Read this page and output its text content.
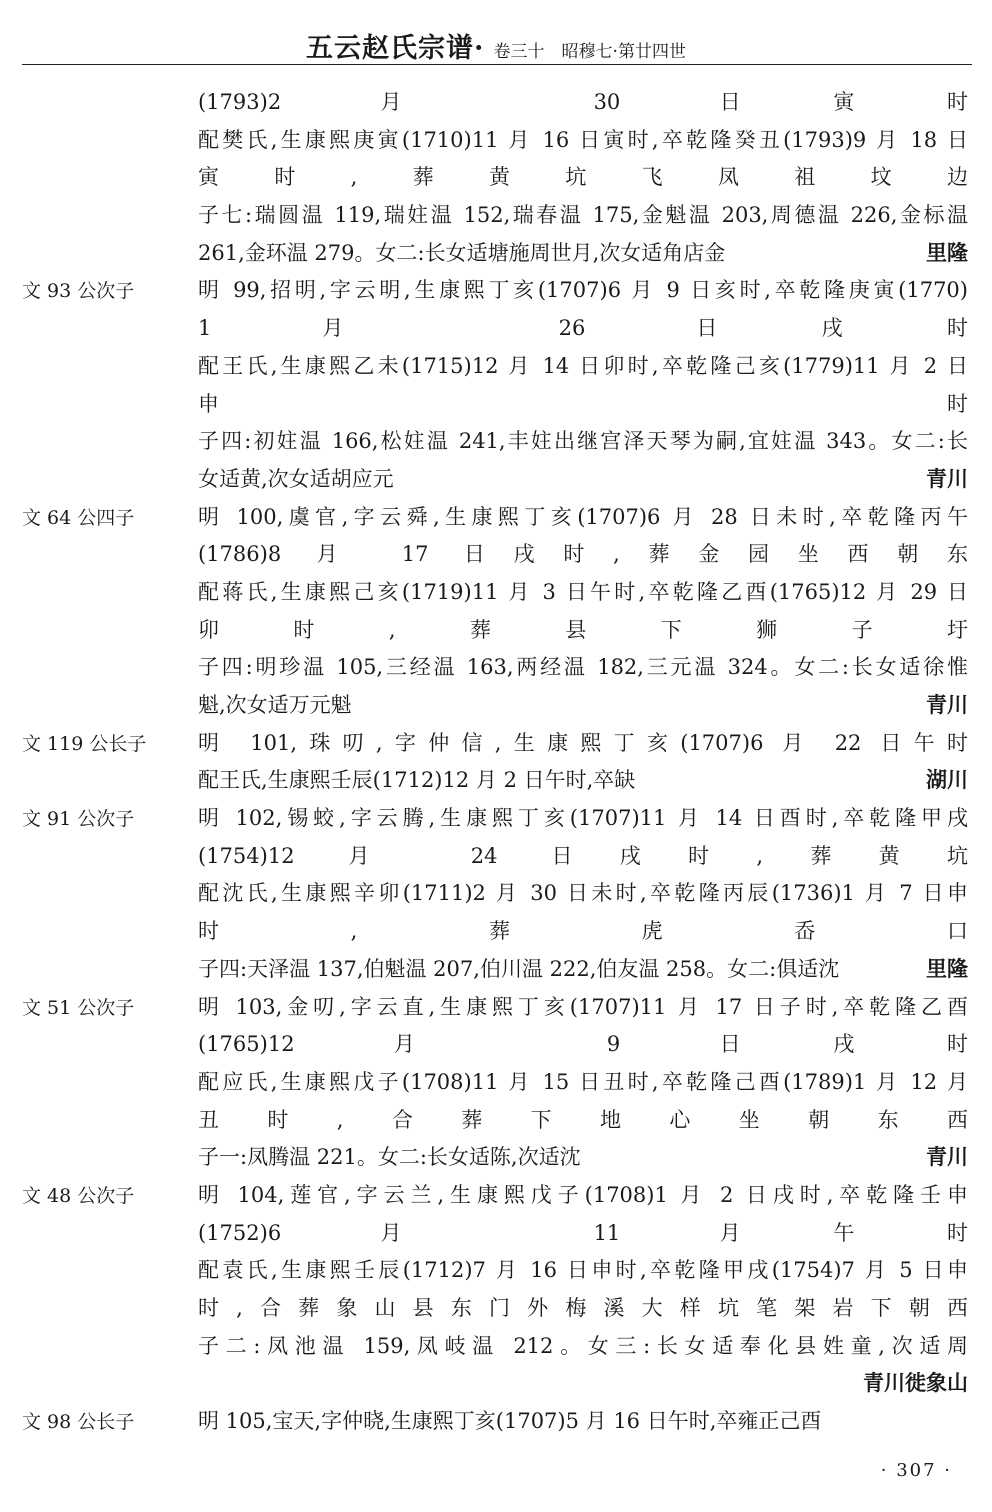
五云赵氏宗谱· 卷三十　昭穆七·第廿四世
(1793)2 月 30 日寅时
配樊氏,生康熙庚寅(1710)11 月 16 日寅时,卒乾隆癸丑(1793)9 月 18 日
寅时,葬黄坑飞凤祖坟边
子七:瑞圆温 119,瑞妵温 152,瑞春温 175,金魁温 203,周德温 226,金标温
261,金环温 279。女二:长女适塘施周世月,次女适角店金	里隆
文 93 公次子	明 99,招明,字云明,生康熙丁亥(1707)6 月 9 日亥时,卒乾隆庚寅(1770)
1 月 26 日戌时
配王氏,生康熙乙未(1715)12 月 14 日卯时,卒乾隆己亥(1779)11 月 2 日
申时
子四:初妵温 166,松妵温 241,丰妵出继宫泽天琴为嗣,宜妵温 343。女二:长
女适黄,次女适胡应元	青川
文 64 公四子	明 100,虞官,字云舜,生康熙丁亥(1707)6 月 28 日未时,卒乾隆丙午
(1786)8 月 17 日戌时,葬金园坐西朝东
配蒋氏,生康熙己亥(1719)11 月 3 日午时,卒乾隆乙酉(1765)12 月 29 日
卯时,葬县下狮子圩
子四:明珍温 105,三经温 163,两经温 182,三元温 324。女二:长女适徐惟
魁,次女适万元魁	青川
文 119 公长子 明 101,珠叨,字仲信,生康熙丁亥(1707)6 月 22 日午时
配王氏,生康熙壬辰(1712)12 月 2 日午时,卒缺	湖川
文 91 公次子	明 102,锡蛟,字云腾,生康熙丁亥(1707)11 月 14 日酉时,卒乾隆甲戌
(1754)12 月 24 日戌时,葬黄坑
配沈氏,生康熙辛卯(1711)2 月 30 日未时,卒乾隆丙辰(1736)1 月 7 日申
时,葬虎岙口
子四:天泽温 137,伯魁温 207,伯川温 222,伯友温 258。女二:俱适沈	里隆
文 51 公次子	明 103,金叨,字云直,生康熙丁亥(1707)11 月 17 日子时,卒乾隆乙酉
(1765)12 月 9 日戌时
配应氏,生康熙戊子(1708)11 月 15 日丑时,卒乾隆己酉(1789)1 月 12 月
丑时,合葬下地心坐朝东西
子一:凤腾温 221。女二:长女适陈,次适沈	青川
文 48 公次子	明 104,莲官,字云兰,生康熙戊子(1708)1 月 2 日戌时,卒乾隆壬申
(1752)6 月 11 月午时
配袁氏,生康熙壬辰(1712)7 月 16 日申时,卒乾隆甲戌(1754)7 月 5 日申
时,合葬象山县东门外梅溪大样坑笔架岩下朝西
子二:凤池温 159,凤岐温 212。女三:长女适奉化县姓童,次适周
青川徙象山
文 98 公长子	明 105,宝天,字仲晓,生康熙丁亥(1707)5 月 16 日午时,卒雍正己酉
· 307 ·
